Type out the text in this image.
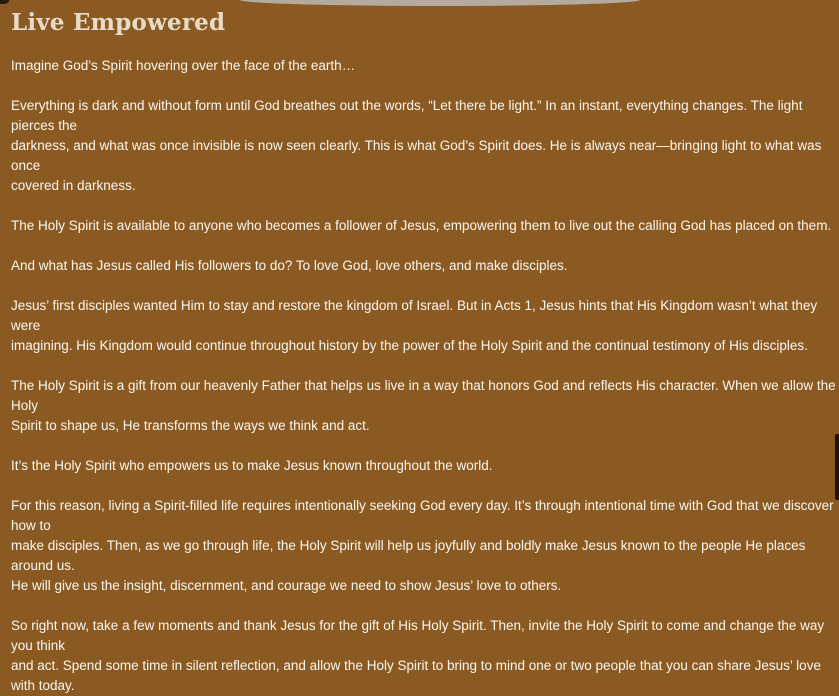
Live Empowered

Imagine God’s Spirit hovering over the face of the earth…

Everything is dark and without form until God breathes out the words, “Let there be light.” In an instant, everything changes. The light pierces the
darkness, and what was once invisible is now seen clearly. This is what God’s Spirit does. He is always near—bringing light to what was once
covered in darkness.

The Holy Spirit is available to anyone who becomes a follower of Jesus, empowering them to live out the calling God has placed on them.

And what has Jesus called His followers to do? To love God, love others, and make disciples.

Jesus’ first disciples wanted Him to stay and restore the kingdom of Israel. But in Acts 1, Jesus hints that His Kingdom wasn’t what they were
imagining. His Kingdom would continue throughout history by the power of the Holy Spirit and the continual testimony of His disciples.

The Holy Spirit is a gift from our heavenly Father that helps us live in a way that honors God and reflects His character. When we allow the Holy
Spirit to shape us, He transforms the ways we think and act.

It’s the Holy Spirit who empowers us to make Jesus known throughout the world.

For this reason, living a Spirit-filled life requires intentionally seeking God every day. It’s through intentional time with God that we discover how to
make disciples. Then, as we go through life, the Holy Spirit will help us joyfully and boldly make Jesus known to the people He places around us.
He will give us the insight, discernment, and courage we need to show Jesus’ love to others.

So right now, take a few moments and thank Jesus for the gift of His Holy Spirit. Then, invite the Holy Spirit to come and change the way you think
and act. Spend some time in silent reflection, and allow the Holy Spirit to bring to mind one or two people that you can share Jesus’ love
with today.
